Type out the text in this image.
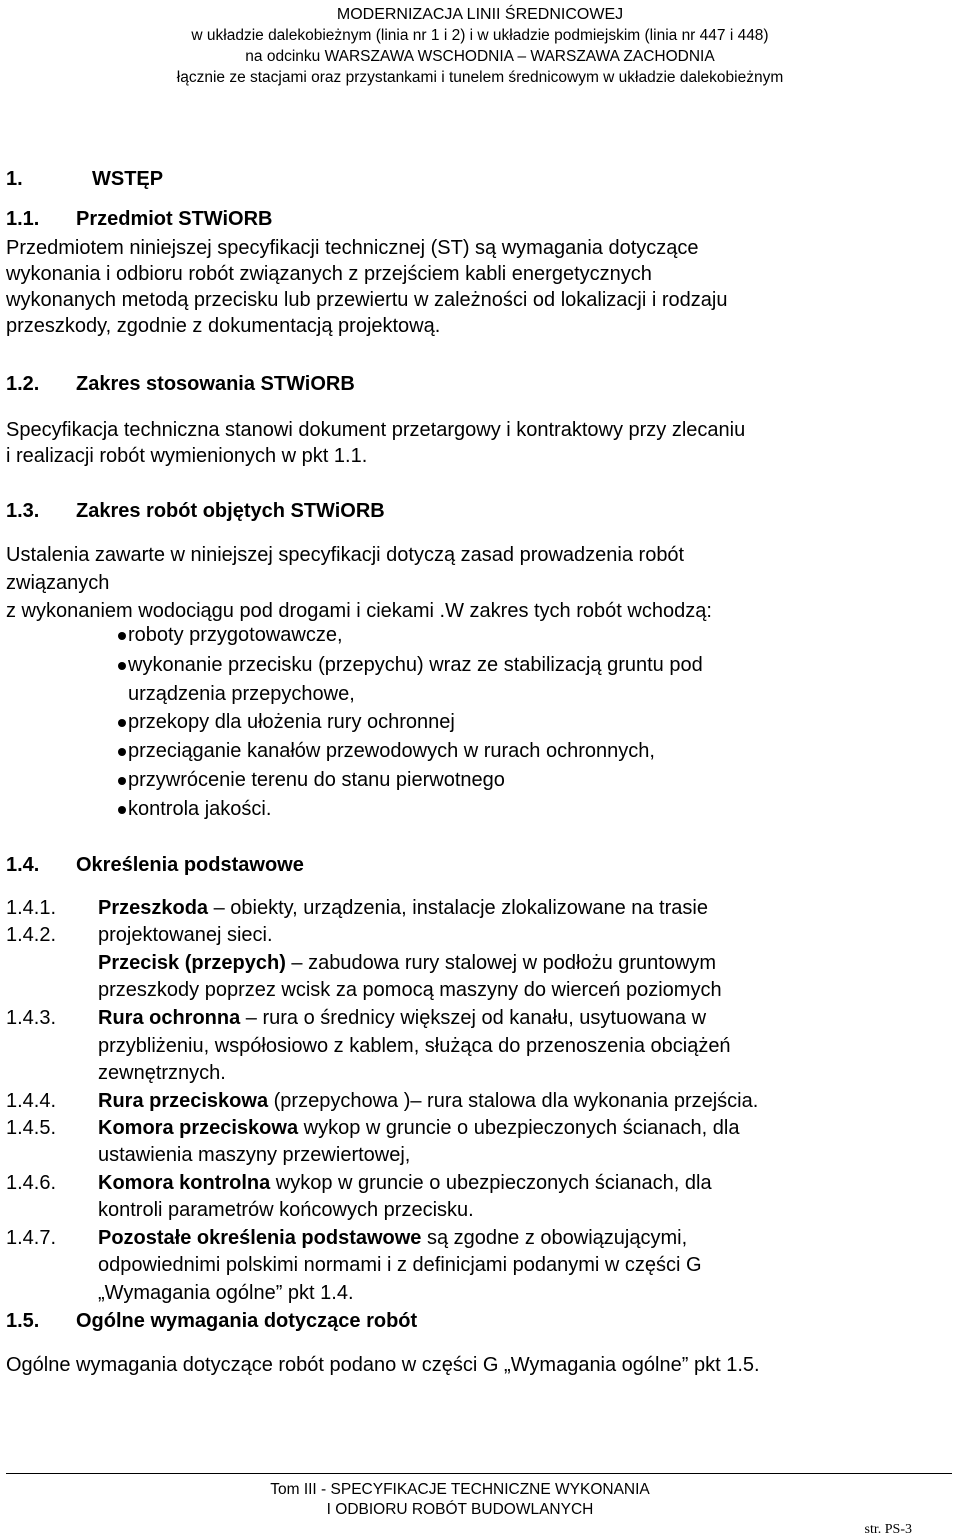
MODERNIZACJA LINII ŚREDNICOWEJ
w układzie dalekobieżnym (linia nr 1 i 2) i w układzie podmiejskim (linia nr 447 i 448)
na odcinku WARSZAWA WSCHODNIA – WARSZAWA ZACHODNIA
łącznie ze stacjami oraz przystankami i tunelem średnicowym w układzie dalekobieżnym
1.	WSTĘP
1.1. Przedmiot STWiORB
Przedmiotem niniejszej specyfikacji technicznej (ST) są wymagania dotyczące
wykonania i odbioru robót związanych z przejściem kabli energetycznych
wykonanych metodą przecisku lub przewiertu w zależności od lokalizacji i rodzaju
przeszkody, zgodnie z dokumentacją projektową.
1.2. Zakres stosowania STWiORB
Specyfikacja techniczna stanowi dokument przetargowy i kontraktowy przy zlecaniu
i realizacji robót wymienionych w pkt 1.1.
1.3. Zakres robót objętych STWiORB
Ustalenia zawarte w niniejszej specyfikacji dotyczą zasad prowadzenia robót
związanych
z wykonaniem wodociągu pod drogami i ciekami .W zakres tych robót wchodzą:
roboty przygotowawcze,
wykonanie przecisku (przepychu) wraz ze stabilizacją gruntu pod
urządzenia przepychowe,
przekopy dla ułożenia rury ochronnej
przeciąganie kanałów przewodowych w rurach ochronnych,
przywrócenie terenu do stanu pierwotnego
kontrola jakości.
1.4. Określenia podstawowe
1.4.1.
1.4.2.
1.4.3.
1.4.4.
1.4.5.
1.4.6.
1.4.7.
Przeszkoda – obiekty, urządzenia, instalacje zlokalizowane na trasie
projektowanej sieci.
Przecisk (przepych) – zabudowa rury stalowej w podłożu gruntowym
przeszkody poprzez wcisk za pomocą maszyny do wierceń poziomych
Rura ochronna – rura o średnicy większej od kanału, usytuowana w
przybliżeniu, współosiowo z kablem, służąca do przenoszenia obciążeń
zewnętrznych.
Rura przeciskowa (przepychowa )– rura stalowa dla wykonania przejścia.
Komora przeciskowa wykop w gruncie o ubezpieczonych ścianach, dla
ustawienia maszyny przewiertowej,
Komora kontrolna wykop w gruncie o ubezpieczonych ścianach, dla
kontroli parametrów końcowych przecisku.
Pozostałe określenia podstawowe są zgodne z obowiązującymi,
odpowiednimi polskimi normami i z definicjami podanymi w części G
„Wymagania ogólne” pkt 1.4.
1.5. Ogólne wymagania dotyczące robót
Ogólne wymagania dotyczące robót podano w części G „Wymagania ogólne” pkt 1.5.
Tom III - SPECYFIKACJE TECHNICZNE WYKONANIA
I ODBIORU ROBÓT BUDOWLANYCH
str. PS-3
